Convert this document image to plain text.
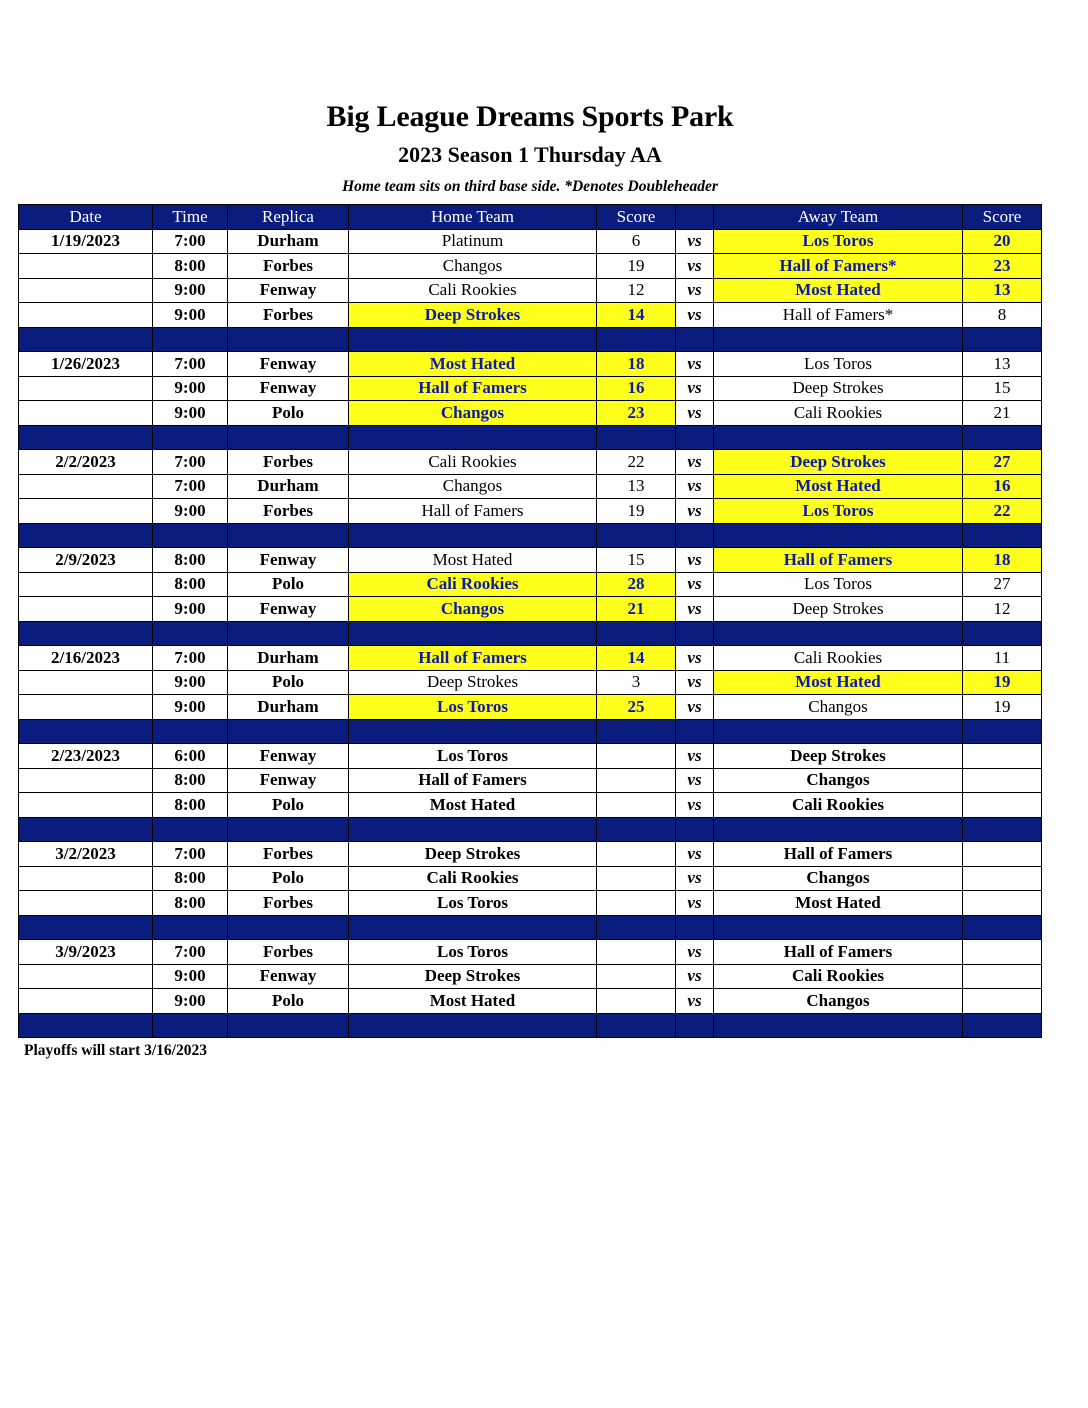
Big League Dreams Sports Park
2023 Season 1 Thursday AA
Home team sits on third base side. *Denotes Doubleheader
Date	Time	Replica	Home Team	Score		Away Team	Score
1/19/2023	7:00	Durham	Platinum	6	vs	Los Toros	20
	8:00	Forbes	Changos	19	vs	Hall of Famers*	23
	9:00	Fenway	Cali Rookies	12	vs	Most Hated	13
	9:00	Forbes	Deep Strokes	14	vs	Hall of Famers*	8

1/26/2023	7:00	Fenway	Most Hated	18	vs	Los Toros	13
	9:00	Fenway	Hall of Famers	16	vs	Deep Strokes	15
	9:00	Polo	Changos	23	vs	Cali Rookies	21

2/2/2023	7:00	Forbes	Cali Rookies	22	vs	Deep Strokes	27
	7:00	Durham	Changos	13	vs	Most Hated	16
	9:00	Forbes	Hall of Famers	19	vs	Los Toros	22

2/9/2023	8:00	Fenway	Most Hated	15	vs	Hall of Famers	18
	8:00	Polo	Cali Rookies	28	vs	Los Toros	27
	9:00	Fenway	Changos	21	vs	Deep Strokes	12

2/16/2023	7:00	Durham	Hall of Famers	14	vs	Cali Rookies	11
	9:00	Polo	Deep Strokes	3	vs	Most Hated	19
	9:00	Durham	Los Toros	25	vs	Changos	19

2/23/2023	6:00	Fenway	Los Toros		vs	Deep Strokes	
	8:00	Fenway	Hall of Famers		vs	Changos	
	8:00	Polo	Most Hated		vs	Cali Rookies	

3/2/2023	7:00	Forbes	Deep Strokes		vs	Hall of Famers	
	8:00	Polo	Cali Rookies		vs	Changos	
	8:00	Forbes	Los Toros		vs	Most Hated	

3/9/2023	7:00	Forbes	Los Toros		vs	Hall of Famers	
	9:00	Fenway	Deep Strokes		vs	Cali Rookies	
	9:00	Polo	Most Hated		vs	Changos	

Playoffs will start 3/16/2023
